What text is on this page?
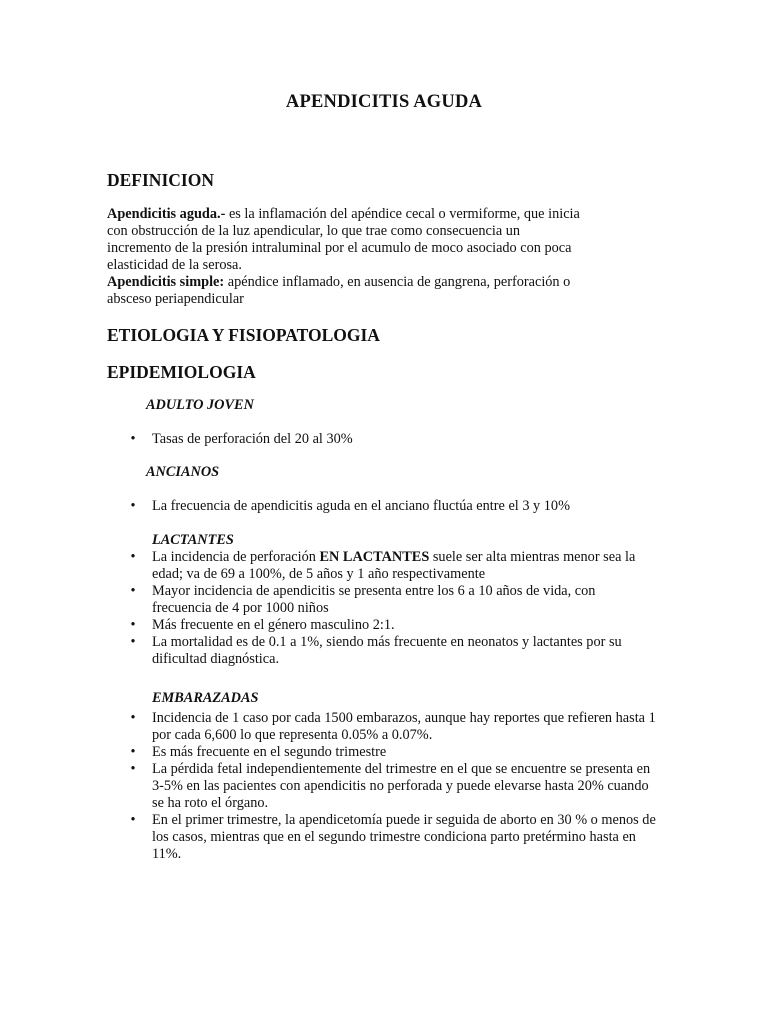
APENDICITIS AGUDA
DEFINICION
Apendicitis aguda.- es la inflamación del apéndice cecal o vermiforme, que inicia
con obstrucción de la luz apendicular, lo que trae como consecuencia un
incremento de la presión intraluminal por el acumulo de moco asociado con poca
elasticidad de la serosa.
Apendicitis simple: apéndice inflamado, en ausencia de gangrena, perforación o
absceso periapendicular
ETIOLOGIA Y FISIOPATOLOGIA
EPIDEMIOLOGIA
ADULTO JOVEN
• Tasas de perforación del 20 al 30%
ANCIANOS
• La frecuencia de apendicitis aguda en el anciano fluctúa entre el 3 y 10%
LACTANTES
• La incidencia de perforación EN LACTANTES suele ser alta mientras menor sea la
edad; va de 69 a 100%, de 5 años y 1 año respectivamente
• Mayor incidencia de apendicitis se presenta entre los 6 a 10 años de vida, con
frecuencia de 4 por 1000 niños
• Más frecuente en el género masculino 2:1.
• La mortalidad es de 0.1 a 1%, siendo más frecuente en neonatos y lactantes por su
dificultad diagnóstica.
EMBARAZADAS
• Incidencia de 1 caso por cada 1500 embarazos, aunque hay reportes que refieren hasta 1
por cada 6,600 lo que representa 0.05% a 0.07%.
• Es más frecuente en el segundo trimestre
• La pérdida fetal independientemente del trimestre en el que se encuentre se presenta en
3-5% en las pacientes con apendicitis no perforada y puede elevarse hasta 20% cuando
se ha roto el órgano.
• En el primer trimestre, la apendicetomía puede ir seguida de aborto en 30 % o menos de
los casos, mientras que en el segundo trimestre condiciona parto pretérmino hasta en
11%.
